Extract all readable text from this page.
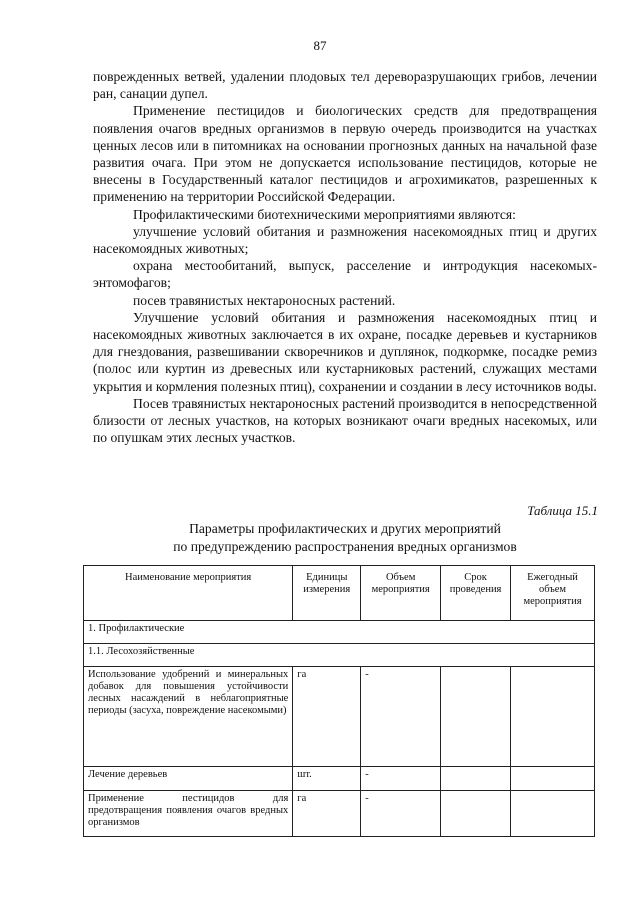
87

поврежденных ветвей, удалении плодовых тел дереворазрушающих грибов, лечении ран, санации дупел.

Применение пестицидов и биологических средств для предотвращения появления очагов вредных организмов в первую очередь производится на участках ценных лесов или в питомниках на основании прогнозных данных на начальной фазе развития очага. При этом не допускается использование пестицидов, которые не внесены в Государственный каталог пестицидов и агрохимикатов, разрешенных к применению на территории Российской Федерации.

Профилактическими биотехническими мероприятиями являются:

улучшение условий обитания и размножения насекомоядных птиц и других насекомоядных животных;

охрана местообитаний, выпуск, расселение и интродукция насекомых-энтомофагов;

посев травянистых нектароносных растений.

Улучшение условий обитания и размножения насекомоядных птиц и насекомоядных животных заключается в их охране, посадке деревьев и кустарников для гнездования, развешивании скворечников и дуплянок, подкормке, посадке ремиз (полос или куртин из древесных или кустарниковых растений, служащих местами укрытия и кормления полезных птиц), сохранении и создании в лесу источников воды.

Посев травянистых нектароносных растений производится в непосредственной близости от лесных участков, на которых возникают очаги вредных насекомых, или по опушкам этих лесных участков.

Таблица 15.1
Параметры профилактических и других мероприятий
по предупреждению распространения вредных организмов
Наименование мероприятия	Единицы измерения	Объем мероприятия	Срок проведения	Ежегодный объем мероприятия
1. Профилактические				
1.1. Лесохозяйственные				
Использование удобрений и минеральных добавок для повышения устойчивости лесных насаждений в неблагоприятные периоды (засуха, повреждение насекомыми)	га	-		
Лечение деревьев	шт.	-		
Применение пестицидов для предотвращения появления очагов вредных организмов	га	-		
